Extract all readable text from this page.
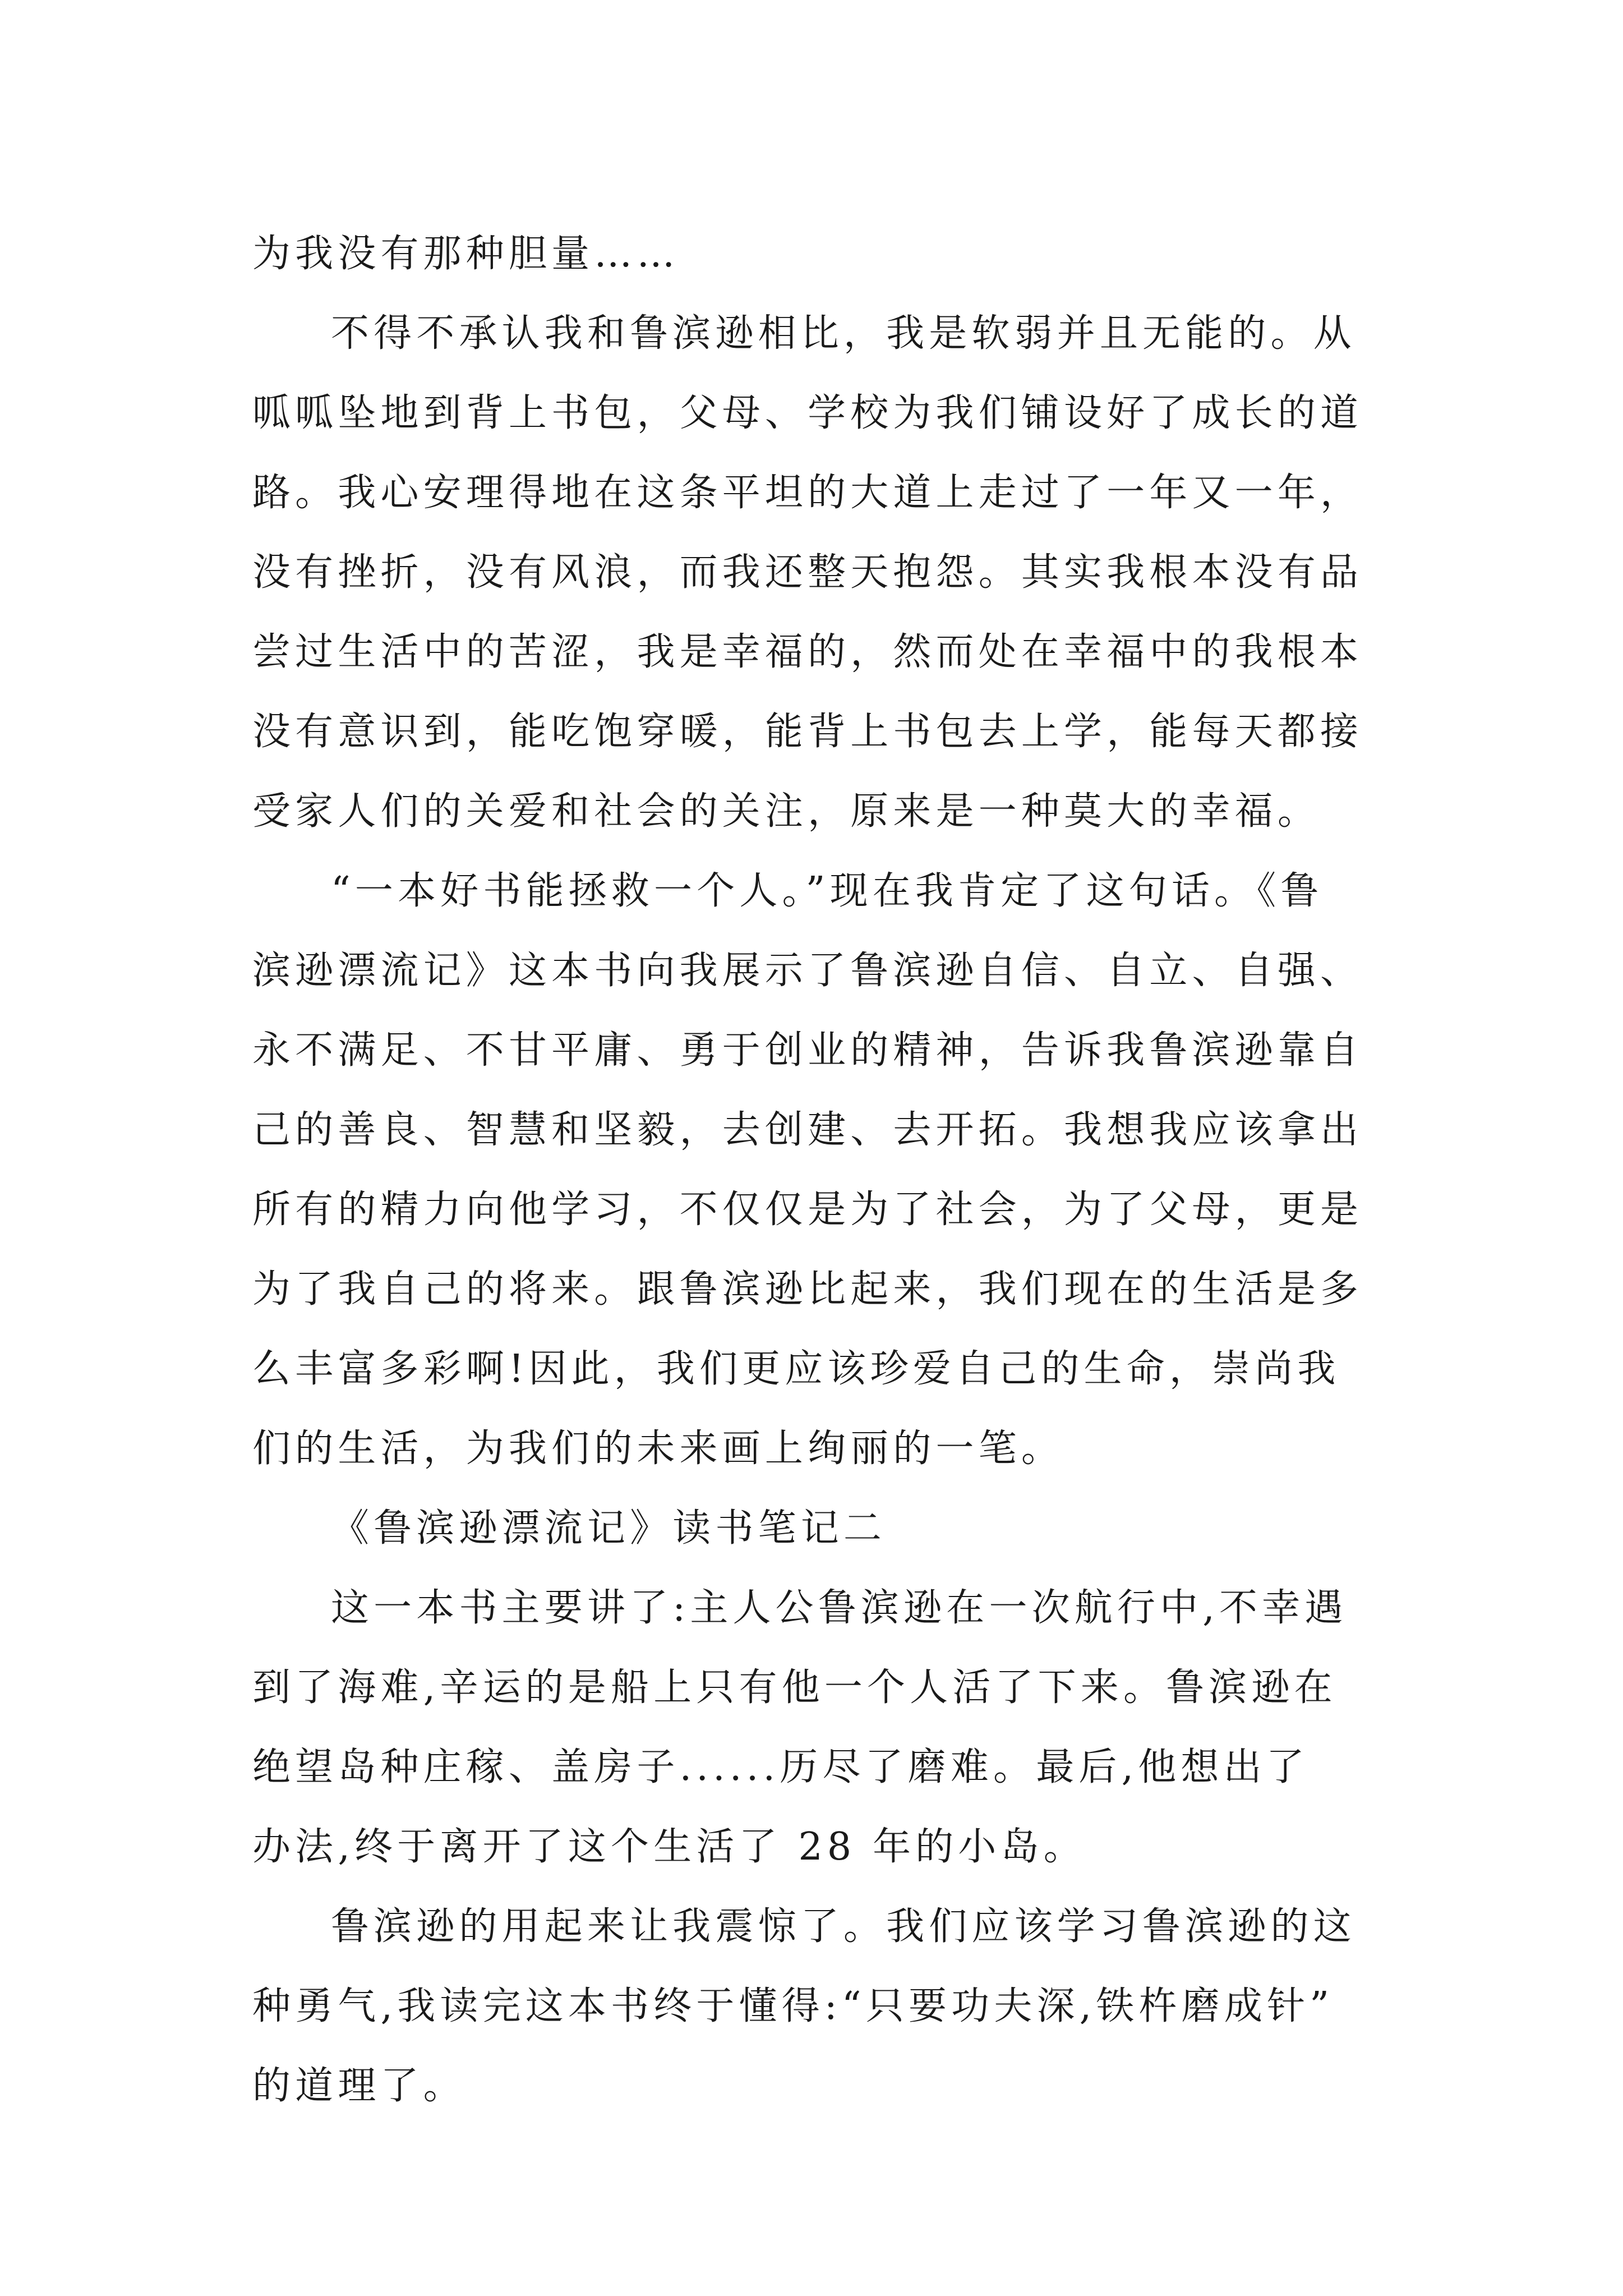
为我没有那种胆量……
不得不承认我和鲁滨逊相比，我是软弱并且无能的。从
呱呱坠地到背上书包，父母、学校为我们铺设好了成长的道
路。我心安理得地在这条平坦的大道上走过了一年又一年，
没有挫折，没有风浪，而我还整天抱怨。其实我根本没有品
尝过生活中的苦涩，我是幸福的，然而处在幸福中的我根本
没有意识到，能吃饱穿暖，能背上书包去上学，能每天都接
受家人们的关爱和社会的关注，原来是一种莫大的幸福。
“一本好书能拯救一个人。”现在我肯定了这句话。《鲁
滨逊漂流记》这本书向我展示了鲁滨逊自信、自立、自强、
永不满足、不甘平庸、勇于创业的精神，告诉我鲁滨逊靠自
己的善良、智慧和坚毅，去创建、去开拓。我想我应该拿出
所有的精力向他学习，不仅仅是为了社会，为了父母，更是
为了我自己的将来。跟鲁滨逊比起来，我们现在的生活是多
么丰富多彩啊!因此，我们更应该珍爱自己的生命，崇尚我
们的生活，为我们的未来画上绚丽的一笔。
《鲁滨逊漂流记》读书笔记二
这一本书主要讲了:主人公鲁滨逊在一次航行中,不幸遇
到了海难,辛运的是船上只有他一个人活了下来。鲁滨逊在
绝望岛种庄稼、盖房子......历尽了磨难。最后,他想出了
办法,终于离开了这个生活了 28 年的小岛。
鲁滨逊的用起来让我震惊了。我们应该学习鲁滨逊的这
种勇气,我读完这本书终于懂得:“只要功夫深,铁杵磨成针”
的道理了。
